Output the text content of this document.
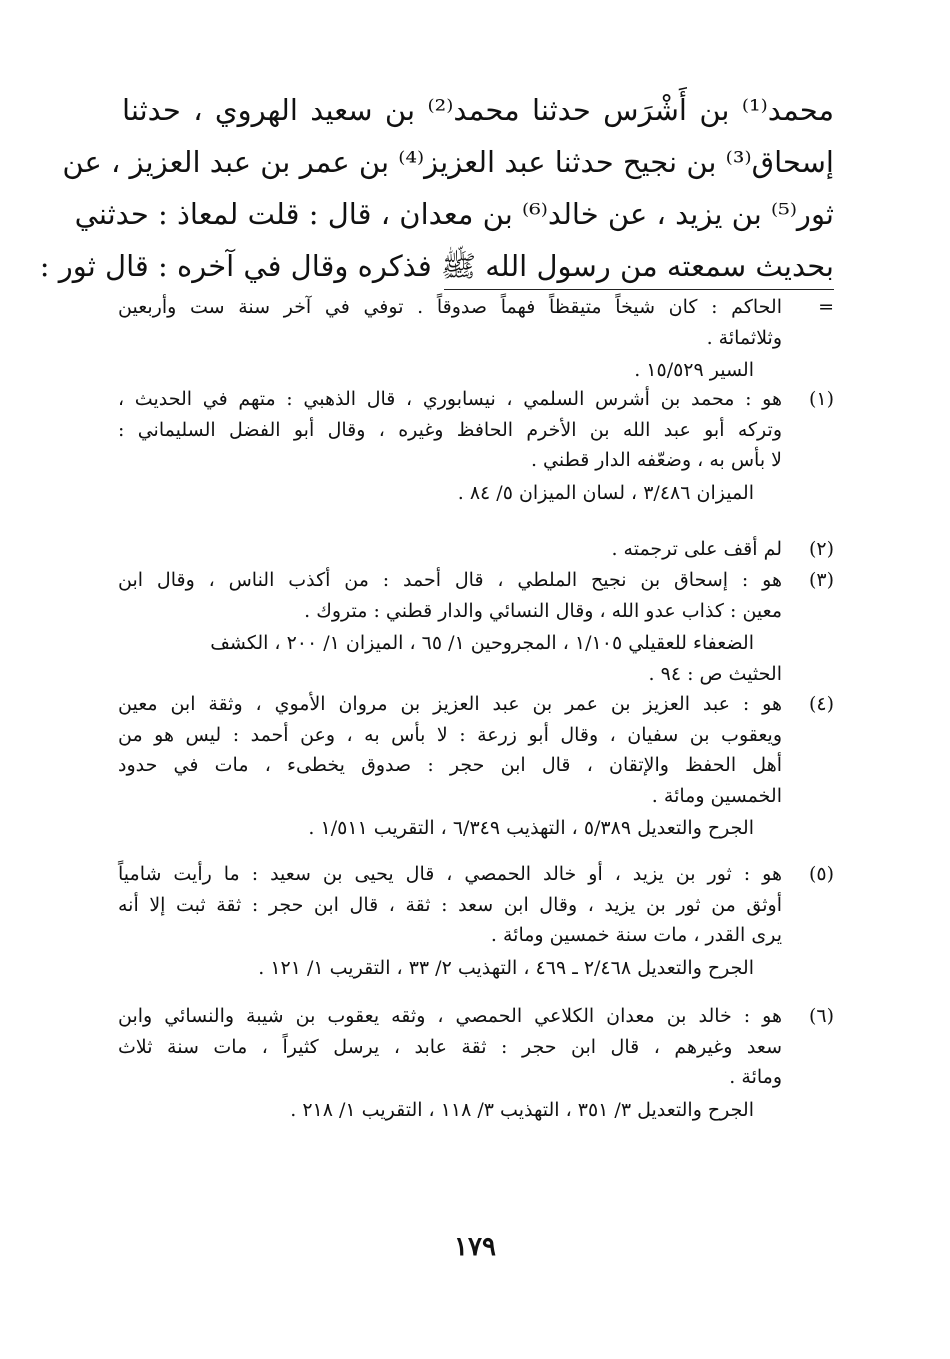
محمد⁽¹⁾ بن أَشْرَس حدثنا محمد⁽²⁾ بن سعيد الهروي ، حدثنا
إسحاق⁽³⁾ بن نجيح حدثنا عبد العزيز⁽⁴⁾ بن عمر بن عبد العزيز ، عن
ثور⁽⁵⁾ بن يزيد ، عن خالد⁽⁶⁾ بن معدان ، قال : قلت لمعاذ : حدثني
بحديث سمعته من رسول الله ﷺ فذكره وقال في آخره : قال ثور :
=
الحاكم : كان شيخاً متيقظاً فهماً صدوقاً . توفي في آخر سنة ست وأربعين
وثلاثمائة .
السير ١٥/٥٢٩ .
(١)
هو : محمد بن أشرس السلمي ، نيسابوري ، قال الذهبي : متهم في الحديث ،
وتركه أبو عبد الله بن الأخرم الحافظ وغيره ، وقال أبو الفضل السليماني :
لا بأس به ، وضعّفه الدار قطني .
الميزان ٣/٤٨٦ ، لسان الميزان ٥/ ٨٤ .
(٢)
لم أقف على ترجمته .
(٣)
هو : إسحاق بن نجيح الملطي ، قال أحمد : من أكذب الناس ، وقال ابن
معين : كذاب عدو الله ، وقال النسائي والدار قطني : متروك .
الضعفاء للعقيلي ١/١٠٥ ، المجروحين ١/ ٦٥ ، الميزان ١/ ٢٠٠ ، الكشف
الحثيث ص : ٩٤ .
(٤)
هو : عبد العزيز بن عمر بن عبد العزيز بن مروان الأموي ، وثقة ابن معين
ويعقوب بن سفيان ، وقال أبو زرعة : لا بأس به ، وعن أحمد : ليس هو من
أهل الحفظ والإتقان ، قال ابن حجر : صدوق يخطىء ، مات في حدود
الخمسين ومائة .
الجرح والتعديل ٥/٣٨٩ ، التهذيب ٦/٣٤٩ ، التقريب ١/٥١١ .
(٥)
هو : ثور بن يزيد ، أو خالد الحمصي ، قال يحيى بن سعيد : ما رأيت شامياً
أوثق من ثور بن يزيد ، وقال ابن سعد : ثقة ، قال ابن حجر : ثقة ثبت إلا أنه
يرى القدر ، مات سنة خمسين ومائة .
الجرح والتعديل ٢/٤٦٨ ـ ٤٦٩ ، التهذيب ٢/ ٣٣ ، التقريب ١/ ١٢١ .
(٦)
هو : خالد بن معدان الكلاعي الحمصي ، وثقه يعقوب بن شيبة والنسائي وابن
سعد وغيرهم ، قال ابن حجر : ثقة عابد ، يرسل كثيراً ، مات سنة ثلاث
ومائة .
الجرح والتعديل ٣/ ٣٥١ ، التهذيب ٣/ ١١٨ ، التقريب ١/ ٢١٨ .
١٧٩
